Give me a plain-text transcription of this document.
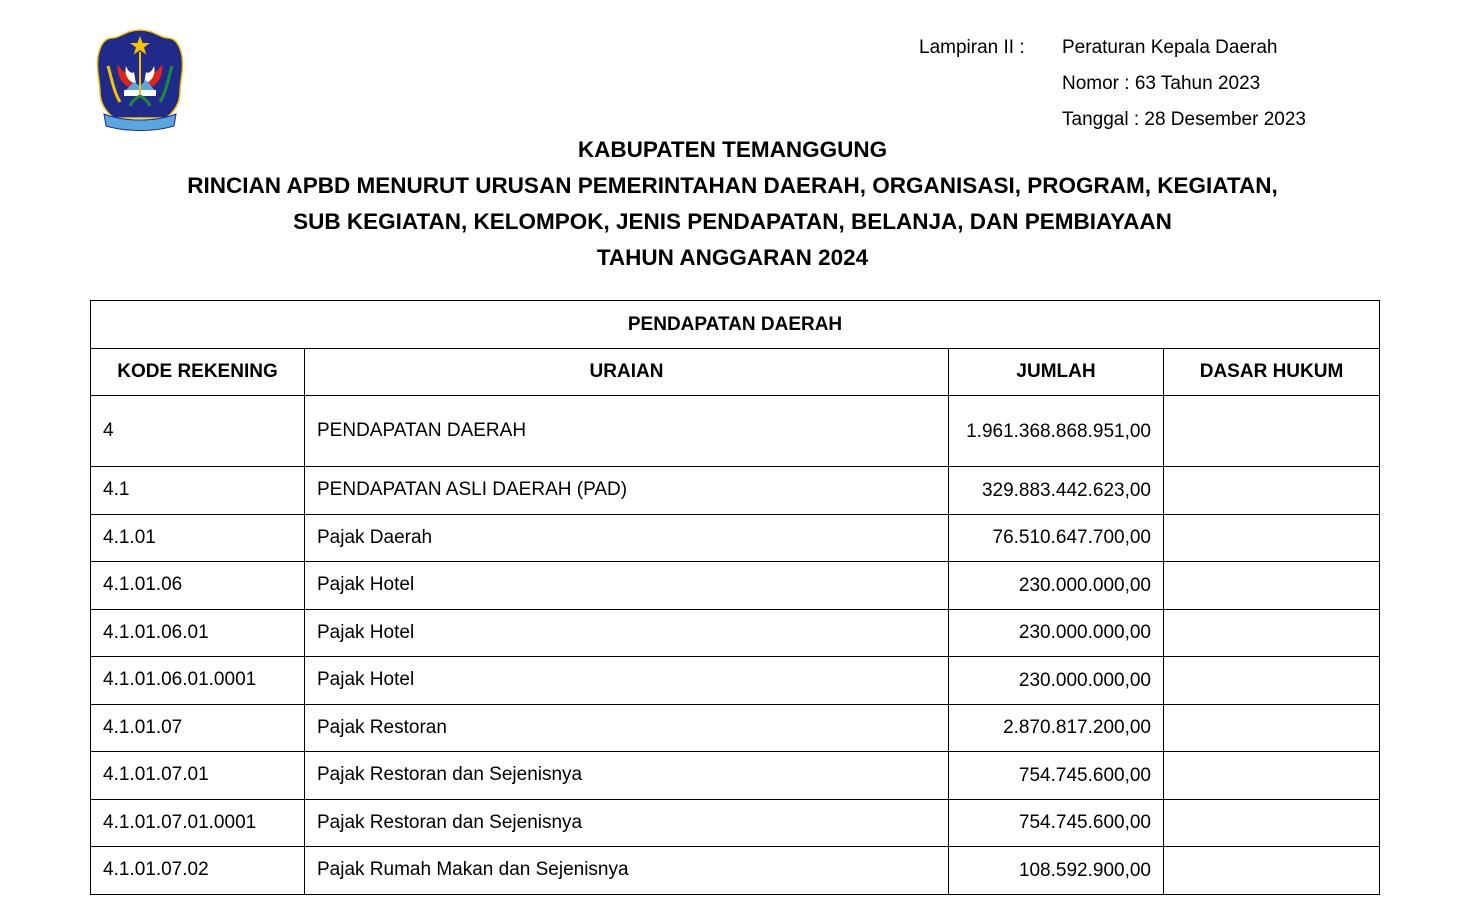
Lampiran II : Peraturan Kepala Daerah
Nomor : 63 Tahun 2023
Tanggal : 28 Desember 2023
KABUPATEN TEMANGGUNG
RINCIAN APBD MENURUT URUSAN PEMERINTAHAN DAERAH, ORGANISASI, PROGRAM, KEGIATAN,
SUB KEGIATAN, KELOMPOK, JENIS PENDAPATAN, BELANJA, DAN PEMBIAYAAN
TAHUN ANGGARAN 2024
PENDAPATAN DAERAH			
KODE REKENING	URAIAN	JUMLAH	DASAR HUKUM
4	PENDAPATAN DAERAH	1.961.368.868.951,00	
4.1	PENDAPATAN ASLI DAERAH (PAD)	329.883.442.623,00	
4.1.01	Pajak Daerah	76.510.647.700,00	
4.1.01.06	Pajak Hotel	230.000.000,00	
4.1.01.06.01	Pajak Hotel	230.000.000,00	
4.1.01.06.01.0001	Pajak Hotel	230.000.000,00	
4.1.01.07	Pajak Restoran	2.870.817.200,00	
4.1.01.07.01	Pajak Restoran dan Sejenisnya	754.745.600,00	
4.1.01.07.01.0001	Pajak Restoran dan Sejenisnya	754.745.600,00	
4.1.01.07.02	Pajak Rumah Makan dan Sejenisnya	108.592.900,00	
